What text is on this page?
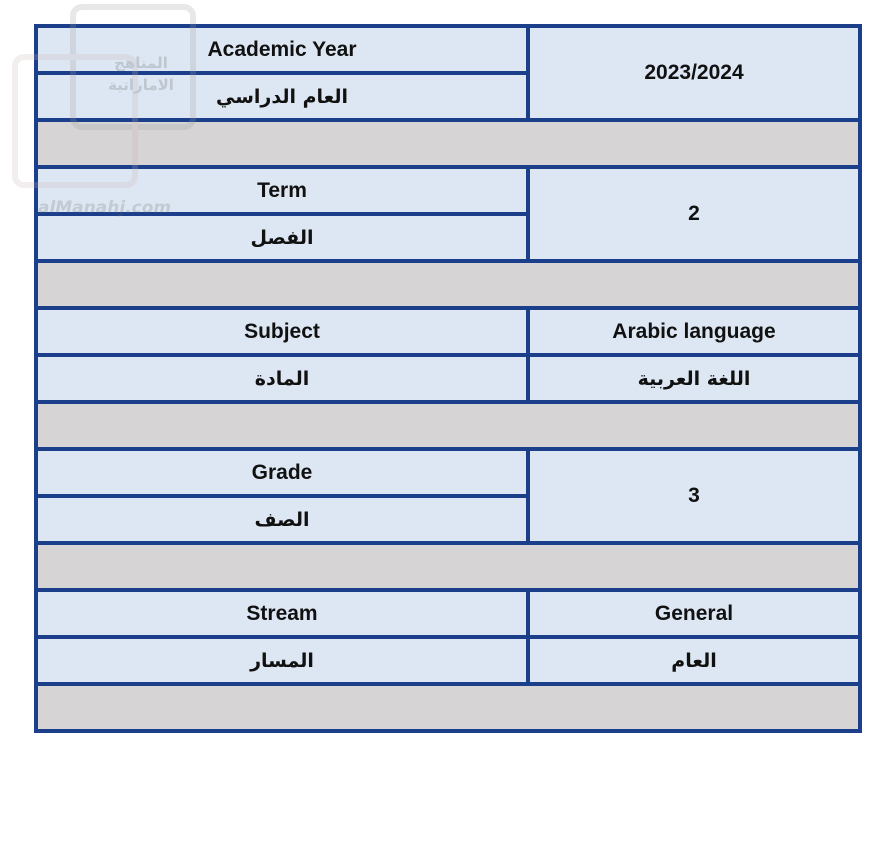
المناهج الاماراتية
alManahj.com
Academic Year	2023/2024
العام الدراسي	

Term	2
الفصل	

Subject	Arabic language
المادة	اللغة العربية

Grade	3
الصف	

Stream	General
المسار	العام
